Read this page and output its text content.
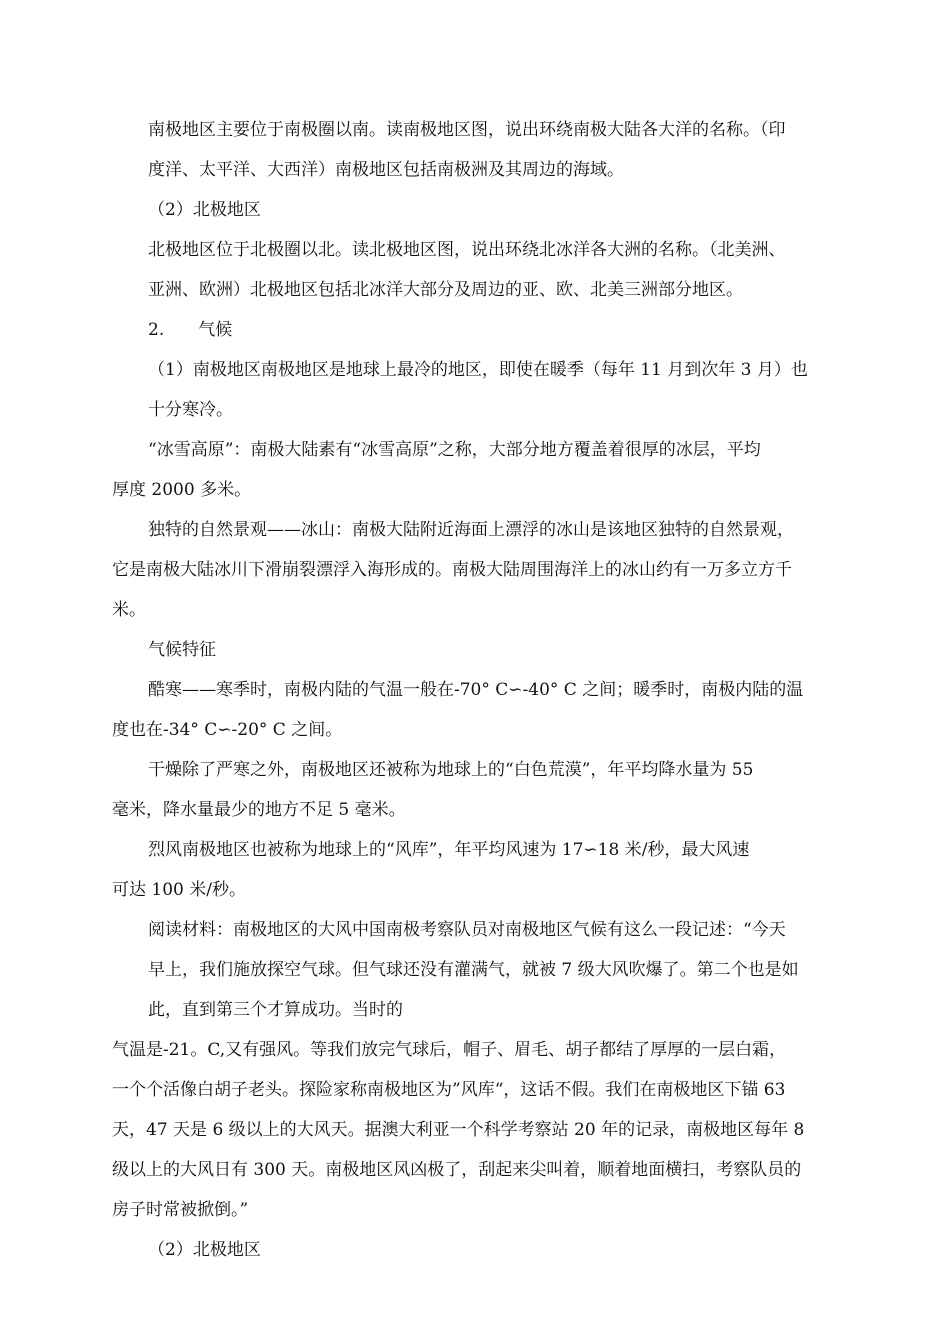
南极地区主要位于南极圈以南。读南极地区图，说出环绕南极大陆各大洋的名称。（印
度洋、太平洋、大西洋）南极地区包括南极洲及其周边的海域。
（2）北极地区
北极地区位于北极圈以北。读北极地区图，说出环绕北冰洋各大洲的名称。（北美洲、
亚洲、欧洲）北极地区包括北冰洋大部分及周边的亚、欧、北美三洲部分地区。
2.　　气候
（1）南极地区南极地区是地球上最冷的地区，即使在暖季（每年 11 月到次年 3 月）也
十分寒冷。
“冰雪高原”：南极大陆素有“冰雪高原”之称，大部分地方覆盖着很厚的冰层，平均
厚度 2000 多米。
独特的自然景观——冰山：南极大陆附近海面上漂浮的冰山是该地区独特的自然景观，
它是南极大陆冰川下滑崩裂漂浮入海形成的。南极大陆周围海洋上的冰山约有一万多立方千
米。
气候特征
酷寒——寒季时，南极内陆的气温一般在-70° C∽-40° C 之间；暖季时，南极内陆的温
度也在-34° C∽-20° C 之间。
干燥除了严寒之外，南极地区还被称为地球上的“白色荒漠”，年平均降水量为 55
毫米，降水量最少的地方不足 5 毫米。
烈风南极地区也被称为地球上的“风库”，年平均风速为 17∽18 米/秒，最大风速
可达 100 米/秒。
阅读材料：南极地区的大风中国南极考察队员对南极地区气候有这么一段记述：“今天
早上，我们施放探空气球。但气球还没有灌满气，就被 7 级大风吹爆了。第二个也是如
此，直到第三个才算成功。当时的
气温是-21。C,又有强风。等我们放完气球后，帽子、眉毛、胡子都结了厚厚的一层白霜，
一个个活像白胡子老头。探险家称南极地区为”风库“，这话不假。我们在南极地区下锚 63
天，47 天是 6 级以上的大风天。据澳大利亚一个科学考察站 20 年的记录，南极地区每年 8
级以上的大风日有 300 天。南极地区风凶极了，刮起来尖叫着，顺着地面横扫，考察队员的
房子时常被掀倒。”
（2）北极地区
